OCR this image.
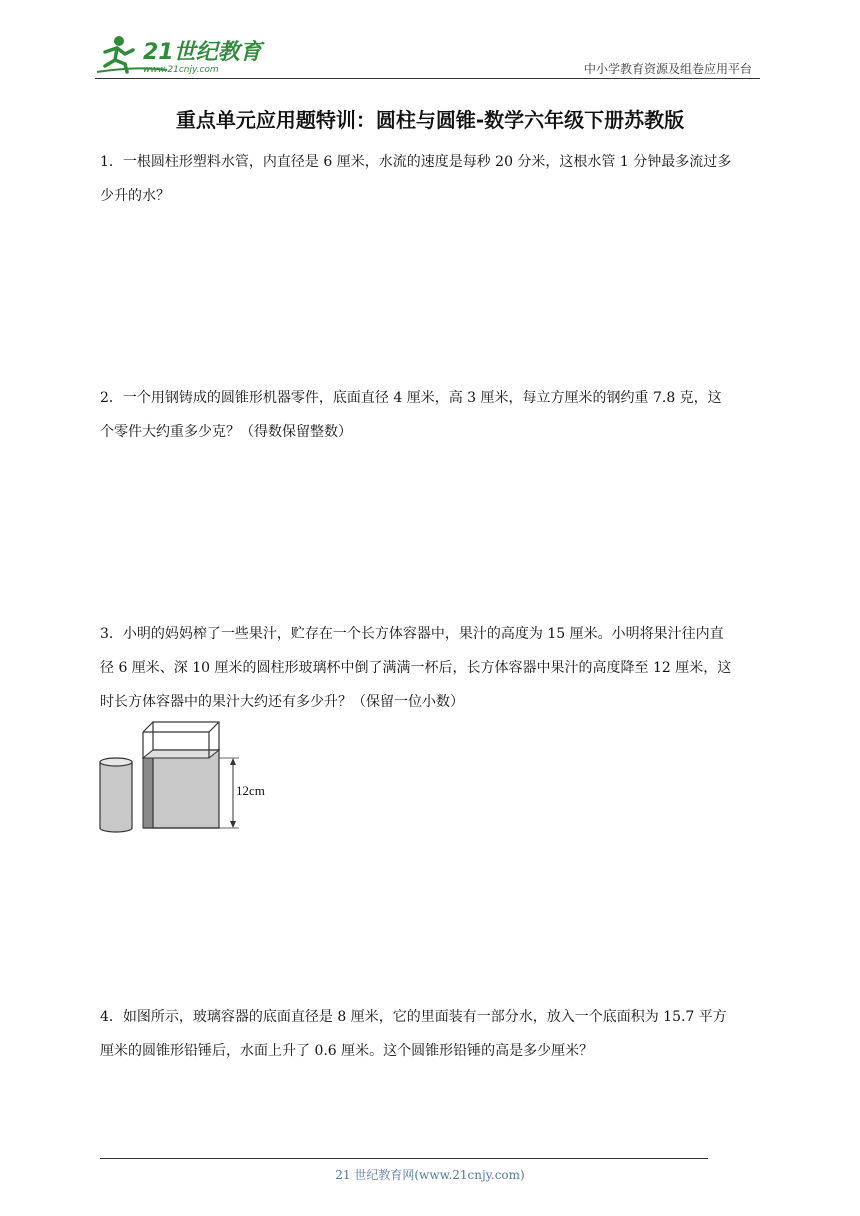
21世纪教育
www.21cnjy.com	中小学教育资源及组卷应用平台
重点单元应用题特训：圆柱与圆锥-数学六年级下册苏教版

1．一根圆柱形塑料水管，内直径是 6 厘米，水流的速度是每秒 20 分米，这根水管 1 分钟最多流过多

少升的水？

2．一个用钢铸成的圆锥形机器零件，底面直径 4 厘米，高 3 厘米，每立方厘米的钢约重 7.8 克，这

个零件大约重多少克？（得数保留整数）

3．小明的妈妈榨了一些果汁，贮存在一个长方体容器中，果汁的高度为 15 厘米。小明将果汁往内直

径 6 厘米、深 10 厘米的圆柱形玻璃杯中倒了满满一杯后，长方体容器中果汁的高度降至 12 厘米，这

时长方体容器中的果汁大约还有多少升？（保留一位小数）

12cm

4．如图所示，玻璃容器的底面直径是 8 厘米，它的里面装有一部分水，放入一个底面积为 15.7 平方

厘米的圆锥形铅锤后，水面上升了 0.6 厘米。这个圆锥形铅锤的高是多少厘米？

21 世纪教育网(www.21cnjy.com)
